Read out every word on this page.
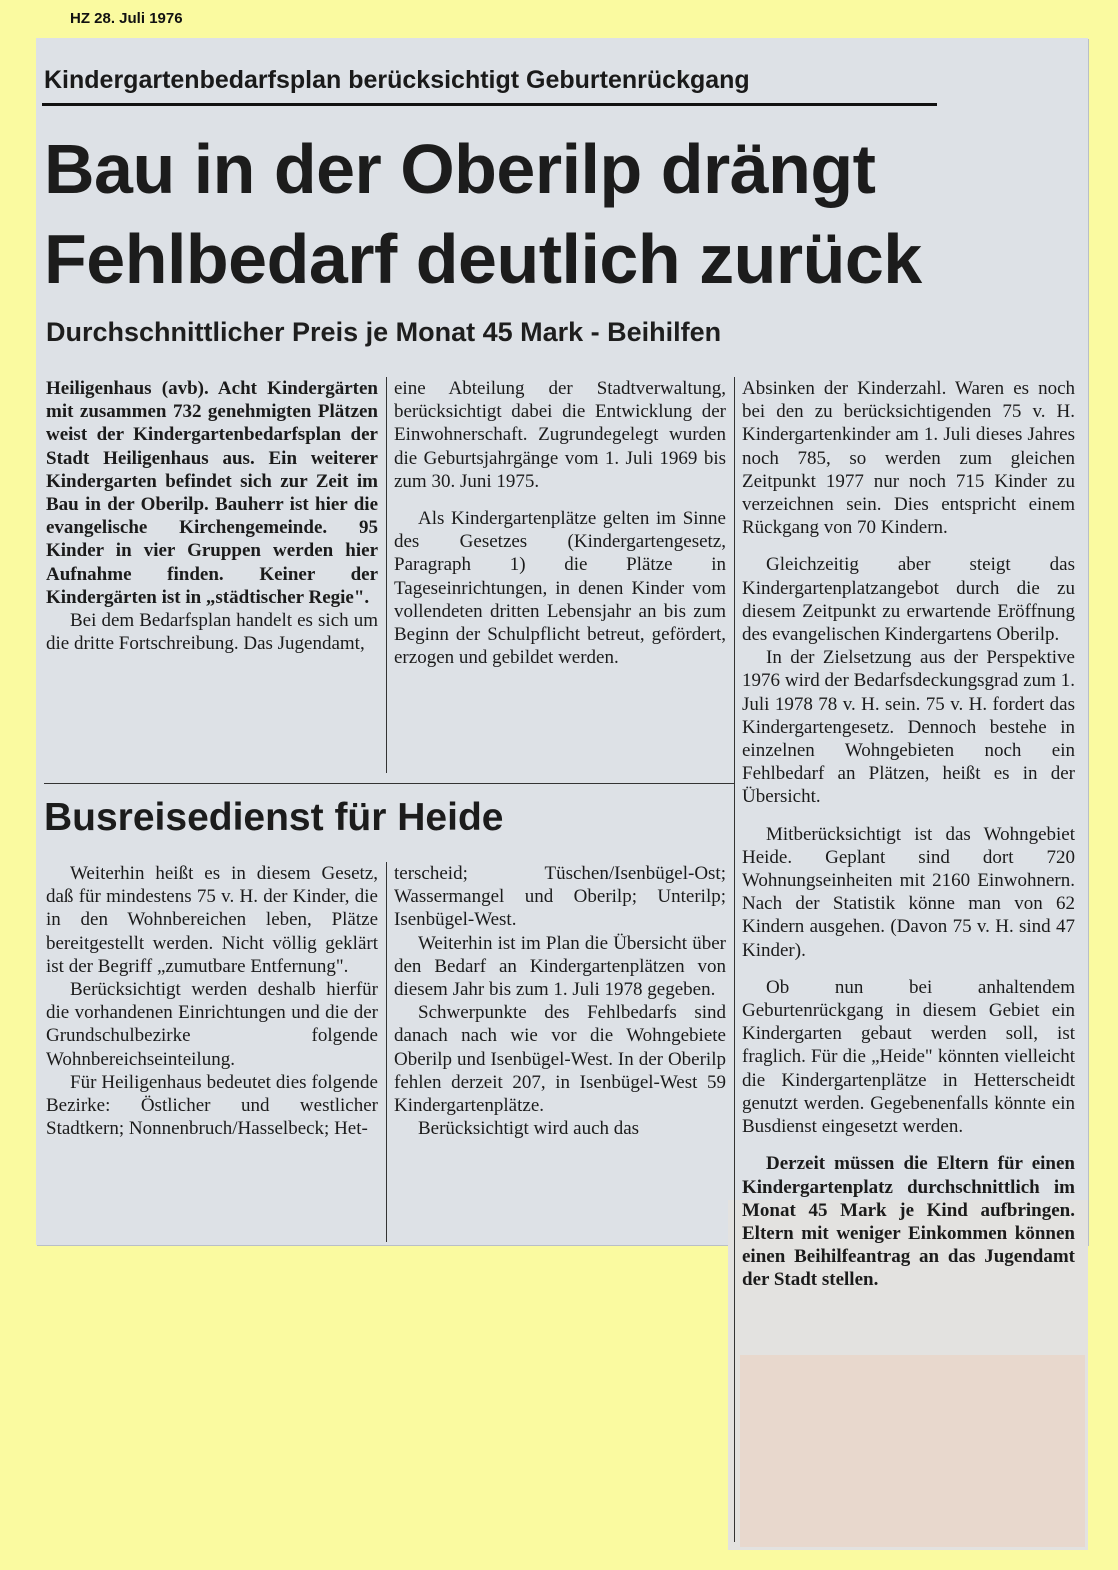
HZ 28. Juli 1976
Kindergartenbedarfsplan berücksichtigt Geburtenrückgang
Bau in der Oberilp drängt
Fehlbedarf deutlich zurück
Durchschnittlicher Preis je Monat 45 Mark - Beihilfen

Heiligenhaus (avb). Acht Kindergärten mit zusammen 732 genehmigten Plätzen weist der Kindergartenbedarfsplan der Stadt Heiligenhaus aus. Ein weiterer Kindergarten befindet sich zur Zeit im Bau in der Oberilp. Bauherr ist hier die evangelische Kirchengemeinde. 95 Kinder in vier Gruppen werden hier Aufnahme finden. Keiner der Kindergärten ist in „städtischer Regie".

Bei dem Bedarfsplan handelt es sich um die dritte Fortschreibung. Das Jugendamt,

eine Abteilung der Stadtverwaltung, berücksichtigt dabei die Entwicklung der Einwohnerschaft. Zugrundegelegt wurden die Geburtsjahrgänge vom 1. Juli 1969 bis zum 30. Juni 1975.

Als Kindergartenplätze gelten im Sinne des Gesetzes (Kindergartengesetz, Paragraph 1) die Plätze in Tageseinrichtungen, in denen Kinder vom vollendeten dritten Lebensjahr an bis zum Beginn der Schulpflicht betreut, gefördert, erzogen und gebildet werden.

Busreisedienst für Heide

Weiterhin heißt es in diesem Gesetz, daß für mindestens 75 v. H. der Kinder, die in den Wohnbereichen leben, Plätze bereitgestellt werden. Nicht völlig geklärt ist der Begriff „zumutbare Entfernung".

Berücksichtigt werden deshalb hierfür die vorhandenen Einrichtungen und die der Grundschulbezirke folgende Wohnbereichseinteilung.

Für Heiligenhaus bedeutet dies folgende Bezirke: Östlicher und westlicher Stadtkern; Nonnenbruch/Hasselbeck; Het-

terscheid; Tüschen/Isenbügel-Ost; Wassermangel und Oberilp; Unterilp; Isenbügel-West.

Weiterhin ist im Plan die Übersicht über den Bedarf an Kindergartenplätzen von diesem Jahr bis zum 1. Juli 1978 gegeben.

Schwerpunkte des Fehlbedarfs sind danach nach wie vor die Wohngebiete Oberilp und Isenbügel-West. In der Oberilp fehlen derzeit 207, in Isenbügel-West 59 Kindergartenplätze.

Berücksichtigt wird auch das

Absinken der Kinderzahl. Waren es noch bei den zu berücksichtigenden 75 v. H. Kindergartenkinder am 1. Juli dieses Jahres noch 785, so werden zum gleichen Zeitpunkt 1977 nur noch 715 Kinder zu verzeichnen sein. Dies entspricht einem Rückgang von 70 Kindern.

Gleichzeitig aber steigt das Kindergartenplatzangebot durch die zu diesem Zeitpunkt zu erwartende Eröffnung des evangelischen Kindergartens Oberilp.

In der Zielsetzung aus der Perspektive 1976 wird der Bedarfsdeckungsgrad zum 1. Juli 1978 78 v. H. sein. 75 v. H. fordert das Kindergartengesetz. Dennoch bestehe in einzelnen Wohngebieten noch ein Fehlbedarf an Plätzen, heißt es in der Übersicht.

Mitberücksichtigt ist das Wohngebiet Heide. Geplant sind dort 720 Wohnungseinheiten mit 2160 Einwohnern. Nach der Statistik könne man von 62 Kindern ausgehen. (Davon 75 v. H. sind 47 Kinder).

Ob nun bei anhaltendem Geburtenrückgang in diesem Gebiet ein Kindergarten gebaut werden soll, ist fraglich. Für die „Heide" könnten vielleicht die Kindergartenplätze in Hetterscheidt genutzt werden. Gegebenenfalls könnte ein Busdienst eingesetzt werden.

Derzeit müssen die Eltern für einen Kindergartenplatz durchschnittlich im Monat 45 Mark je Kind aufbringen. Eltern mit weniger Einkommen können einen Beihilfeantrag an das Jugendamt der Stadt stellen.
